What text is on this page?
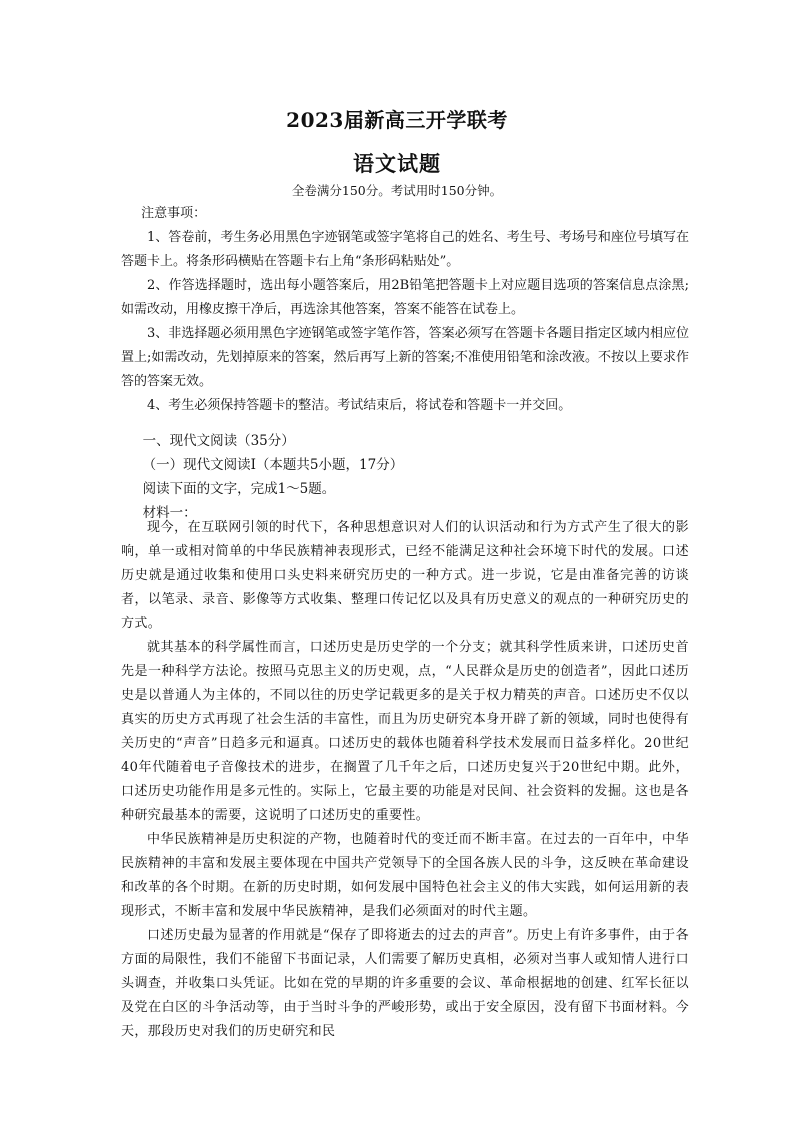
2023届新高三开学联考
语文试题
全卷满分150分。考试用时150分钟。

注意事项：

1、答卷前，考生务必用黑色字迹钢笔或签字笔将自己的姓名、考生号、考场号和座位号填写在答题卡上。将条形码横贴在答题卡右上角“条形码粘贴处”。

2、作答选择题时，选出每小题答案后，用2B铅笔把答题卡上对应题目选项的答案信息点涂黑;如需改动，用橡皮擦干净后，再选涂其他答案，答案不能答在试卷上。

3、非选择题必须用黑色字迹钢笔或签字笔作答，答案必须写在答题卡各题目指定区域内相应位置上;如需改动，先划掉原来的答案，然后再写上新的答案;不准使用铅笔和涂改液。不按以上要求作答的答案无效。

4、考生必须保持答题卡的整洁。考试结束后，将试卷和答题卡一并交回。

一、现代文阅读（35分）

（一）现代文阅读Ⅰ（本题共5小题，17分）

阅读下面的文字，完成1～5题。

材料一：

现今，在互联网引领的时代下，各种思想意识对人们的认识活动和行为方式产生了很大的影响，单一或相对简单的中华民族精神表现形式，已经不能满足这种社会环境下时代的发展。口述历史就是通过收集和使用口头史料来研究历史的一种方式。进一步说，它是由准备完善的访谈者，以笔录、录音、影像等方式收集、整理口传记忆以及具有历史意义的观点的一种研究历史的方式。

就其基本的科学属性而言，口述历史是历史学的一个分支；就其科学性质来讲，口述历史首先是一种科学方法论。按照马克思主义的历史观，点，“人民群众是历史的创造者”，因此口述历史是以普通人为主体的，不同以往的历史学记载更多的是关于权力精英的声音。口述历史不仅以真实的历史方式再现了社会生活的丰富性，而且为历史研究本身开辟了新的领域，同时也使得有关历史的“声音”日趋多元和逼真。口述历史的载体也随着科学技术发展而日益多样化。20世纪40年代随着电子音像技术的进步，在搁置了几千年之后，口述历史复兴于20世纪中期。此外，口述历史功能作用是多元性的。实际上，它最主要的功能是对民间、社会资料的发掘。这也是各种研究最基本的需要，这说明了口述历史的重要性。

中华民族精神是历史积淀的产物，也随着时代的变迁而不断丰富。在过去的一百年中，中华民族精神的丰富和发展主要体现在中国共产党领导下的全国各族人民的斗争，这反映在革命建设和改革的各个时期。在新的历史时期，如何发展中国特色社会主义的伟大实践，如何运用新的表现形式，不断丰富和发展中华民族精神，是我们必须面对的时代主题。

口述历史最为显著的作用就是“保存了即将逝去的过去的声音”。历史上有许多事件，由于各方面的局限性，我们不能留下书面记录，人们需要了解历史真相，必须对当事人或知情人进行口头调查，并收集口头凭证。比如在党的早期的许多重要的会议、革命根据地的创建、红军长征以及党在白区的斗争活动等，由于当时斗争的严峻形势，或出于安全原因，没有留下书面材料。今天，那段历史对我们的历史研究和民
